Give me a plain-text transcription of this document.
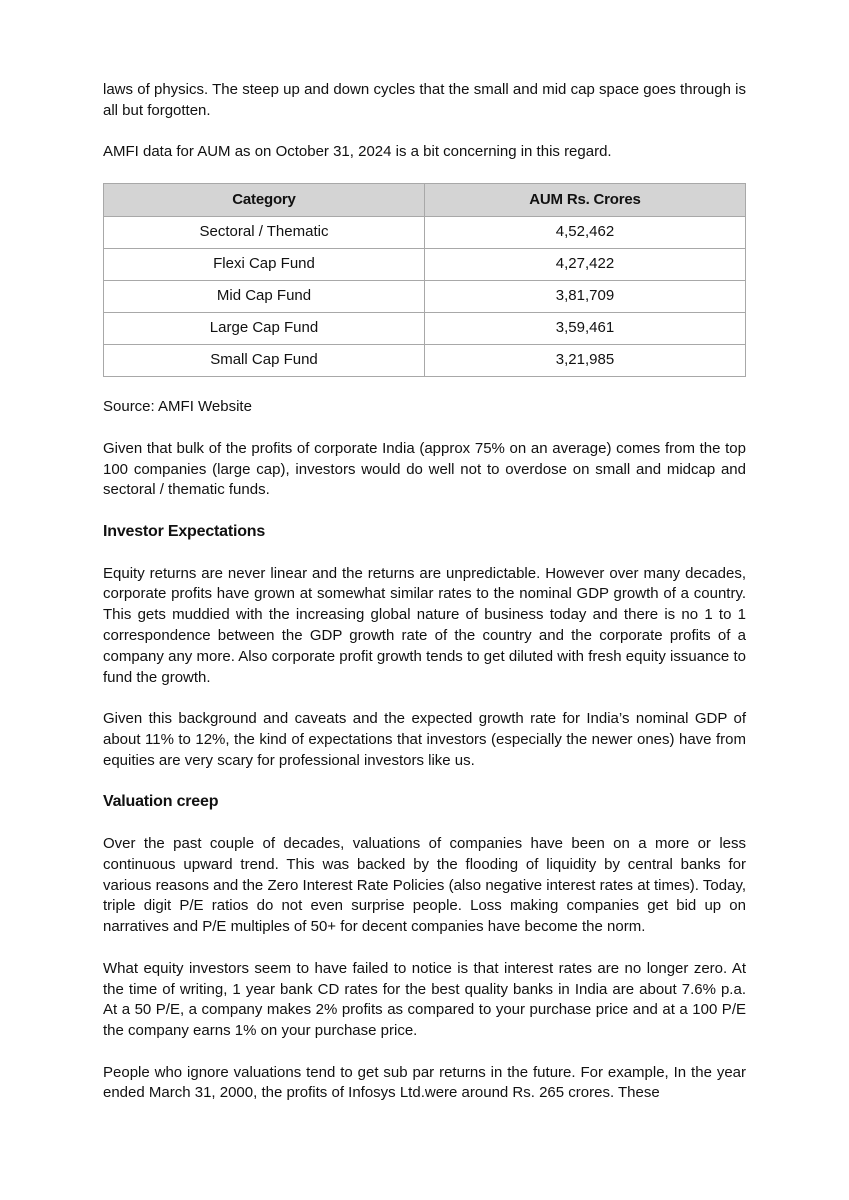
laws of physics. The steep up and down cycles that the small and mid cap space goes through is all but forgotten.

AMFI data for AUM as on October 31, 2024 is a bit concerning in this regard.

Category	AUM Rs. Crores
Sectoral / Thematic	4,52,462
Flexi Cap Fund	4,27,422
Mid Cap Fund	3,81,709
Large Cap Fund	3,59,461
Small Cap Fund	3,21,985

Source: AMFI Website

Given that bulk of the profits of corporate India (approx 75% on an average) comes from the top 100 companies (large cap), investors would do well not to overdose on small and midcap and sectoral / thematic funds.

Investor Expectations

Equity returns are never linear and the returns are unpredictable. However over many decades, corporate profits have grown at somewhat similar rates to the nominal GDP growth of a country. This gets muddied with the increasing global nature of business today and there is no 1 to 1 correspondence between the GDP growth rate of the country and the corporate profits of a company any more. Also corporate profit growth tends to get diluted with fresh equity issuance to fund the growth.

Given this background and caveats and the expected growth rate for India’s nominal GDP of about 11% to 12%, the kind of expectations that investors (especially the newer ones) have from equities are very scary for professional investors like us.

Valuation creep

Over the past couple of decades, valuations of companies have been on a more or less continuous upward trend. This was backed by the flooding of liquidity by central banks for various reasons and the Zero Interest Rate Policies (also negative interest rates at times). Today, triple digit P/E ratios do not even surprise people. Loss making companies get bid up on narratives and P/E multiples of 50+ for decent companies have become the norm.

What equity investors seem to have failed to notice is that interest rates are no longer zero. At the time of writing, 1 year bank CD rates for the best quality banks in India are about 7.6% p.a. At a 50 P/E, a company makes 2% profits as compared to your purchase price and at a 100 P/E the company earns 1% on your purchase price.

People who ignore valuations tend to get sub par returns in the future. For example, In the year ended March 31, 2000, the profits of Infosys Ltd.were around Rs. 265 crores. These
